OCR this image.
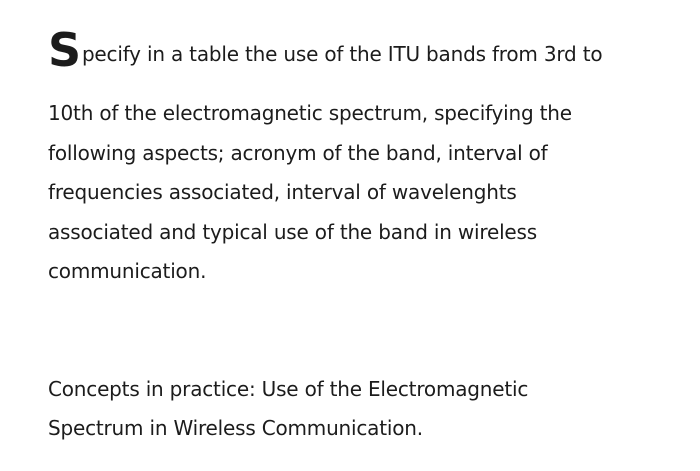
S pecify in a table the use of the ITU bands from 3rd to

10th of the electromagnetic spectrum, specifying the
following aspects; acronym of the band, interval of
frequencies associated, interval of wavelenghts
associated and typical use of the band in wireless
communication.

Concepts in practice: Use of the Electromagnetic
Spectrum in Wireless Communication.
